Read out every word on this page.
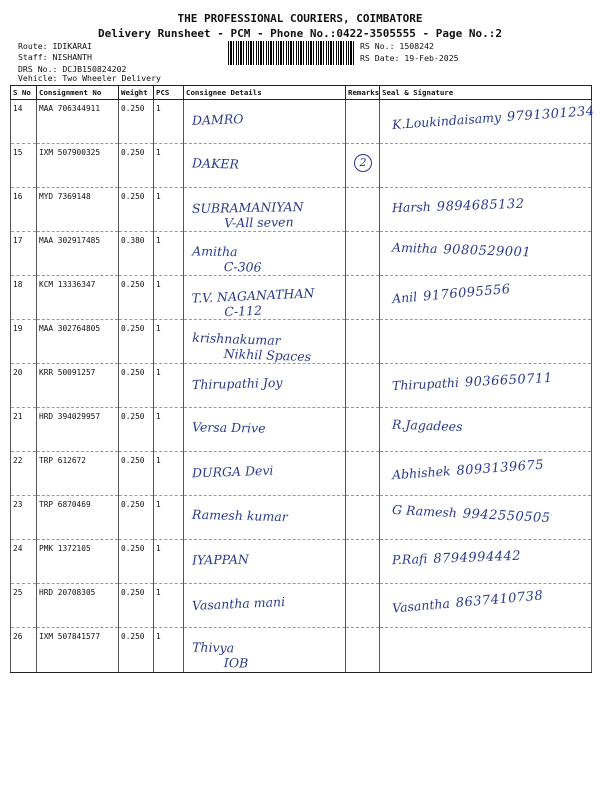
THE PROFESSIONAL COURIERS, COIMBATORE
Delivery Runsheet - PCM - Phone No.:0422-3505555 - Page No.:2
Route: IDIKARAI
Staff: NISHANTH
DRS No.: DCJB150824202
Vehicle: Two Wheeler Delivery
RS No.: 1508242
RS Date: 19-Feb-2025
S No	Consignment No	Weight	PCS	Consignee Details	Remarks	Seal & Signature
14	MAA 706344911	0.250	1	DAMRO		K.Loukindaisamy 9791301234

15	IXM 507900325	0.250	1	DAKER	2	

16	MYD 7369148	0.250	1	SUBRAMANIYAN
V-All seven		Harsh 9894685132

17	MAA 302917485	0.380	1	Amitha
C-306		Amitha 9080529001

18	KCM 13336347	0.250	1	T.V. NAGANATHAN
C-112		Anil 9176095556

19	MAA 302764805	0.250	1	krishnakumar
Nikhil Spaces		

20	KRR 50091257	0.250	1	Thirupathi Joy		Thirupathi 9036650711

21	HRD 394029957	0.250	1	Versa Drive		R.Jagadees

22	TRP 612672	0.250	1	DURGA Devi		Abhishek 8093139675

23	TRP 6870469	0.250	1	Ramesh kumar		G Ramesh 9942550505

24	PMK 1372105	0.250	1	IYAPPAN		P.Rafi 8794994442

25	HRD 20708305	0.250	1	Vasantha mani		Vasantha 8637410738

26	IXM 507841577	0.250	1	Thivya
IOB		
